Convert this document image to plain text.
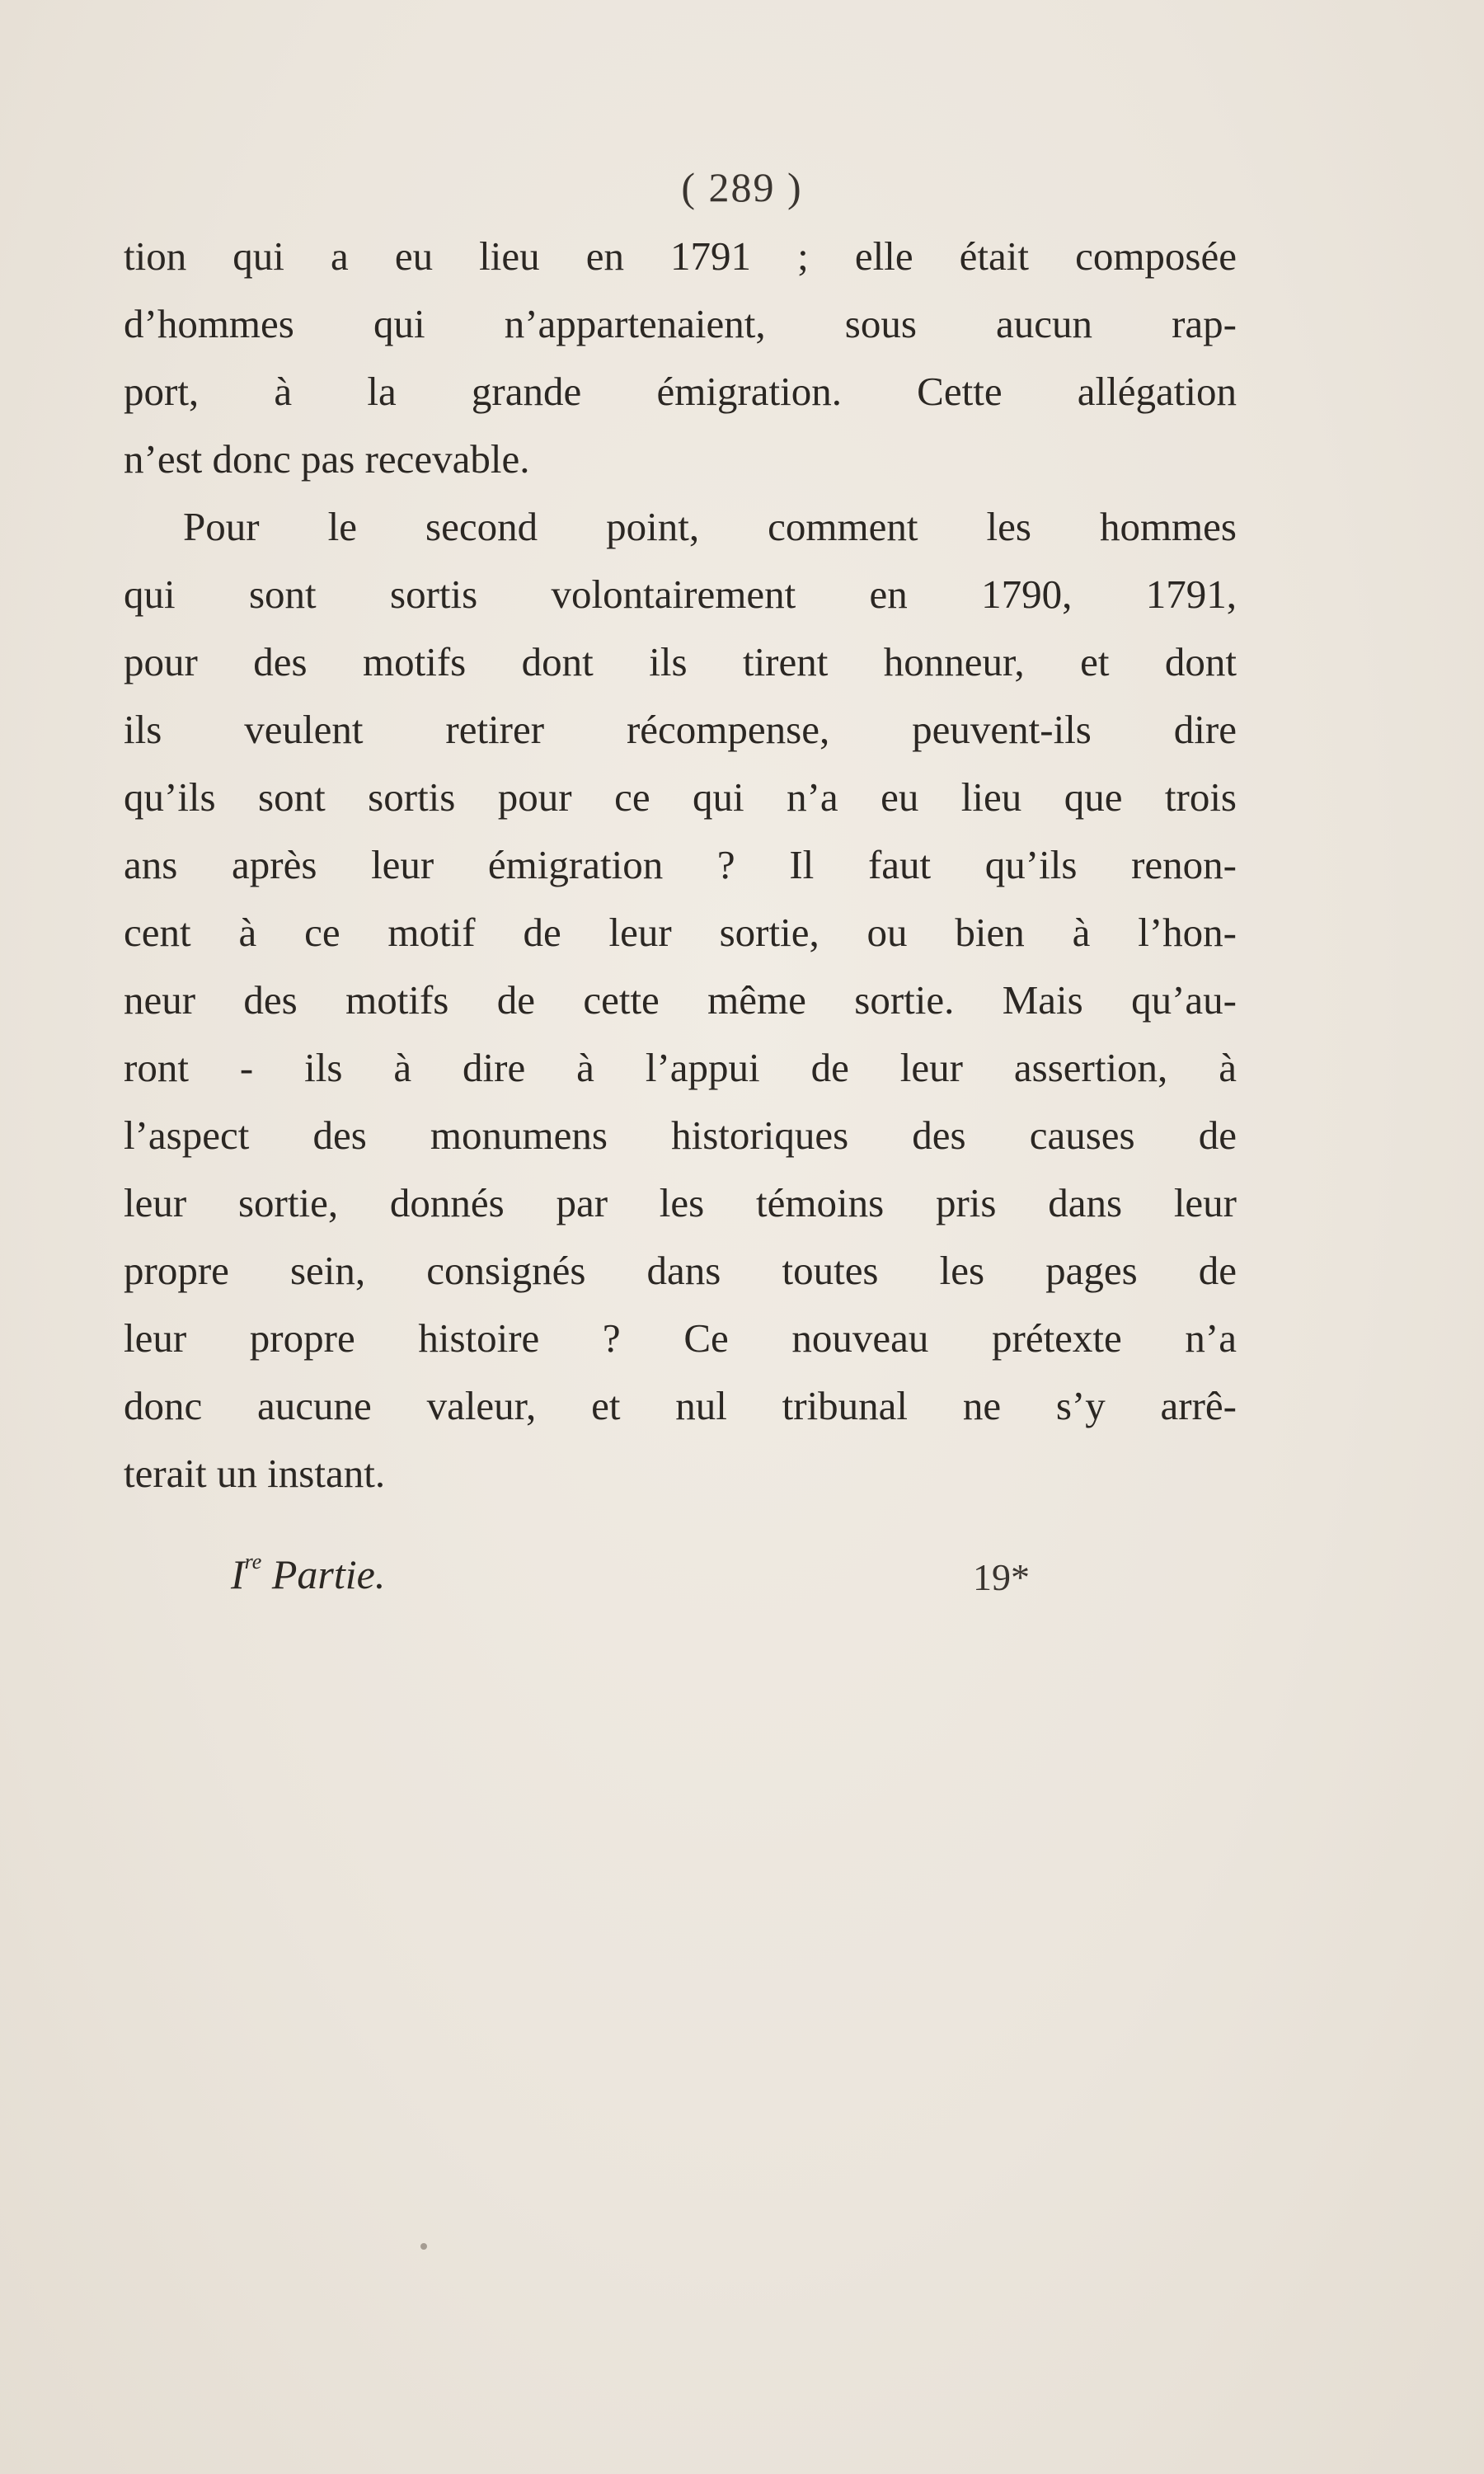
( 289 )
tion qui a eu lieu en 1791 ; elle était composée
d’hommes qui n’appartenaient, sous aucun rap-
port, à la grande émigration. Cette allégation
n’est donc pas recevable.
Pour le second point, comment les hommes
qui sont sortis volontairement en 1790, 1791,
pour des motifs dont ils tirent honneur, et dont
ils veulent retirer récompense, peuvent-ils dire
qu’ils sont sortis pour ce qui n’a eu lieu que trois
ans après leur émigration ? Il faut qu’ils renon-
cent à ce motif de leur sortie, ou bien à l’hon-
neur des motifs de cette même sortie. Mais qu’au-
ront - ils à dire à l’appui de leur assertion, à
l’aspect des monumens historiques des causes de
leur sortie, donnés par les témoins pris dans leur
propre sein, consignés dans toutes les pages de
leur propre histoire ? Ce nouveau prétexte n’a
donc aucune valeur, et nul tribunal ne s’y arrê-
terait un instant.
Ire Partie.	19*
